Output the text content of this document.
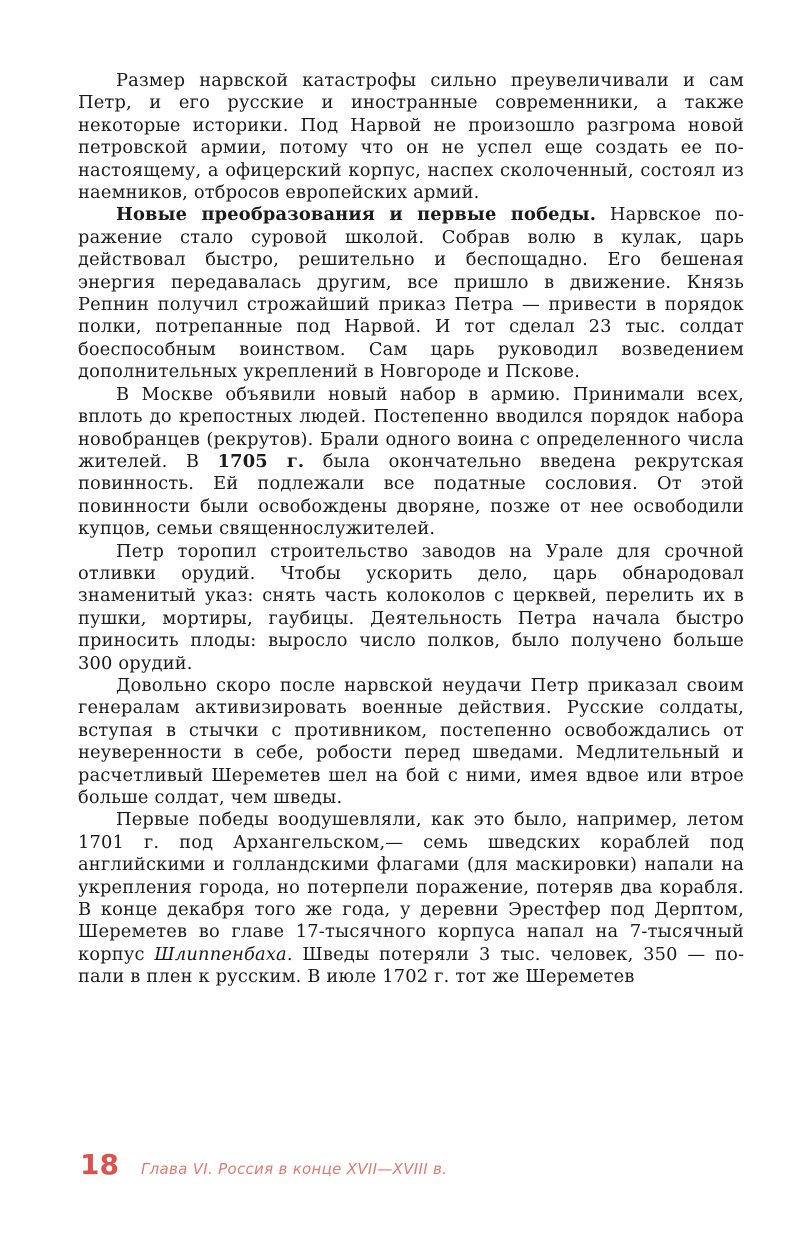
Размер нарвской катастрофы сильно преувеличивали и сам Петр, и его русские и иностранные современники, а также некоторые историки. Под Нарвой не произошло разгрома новой петровской армии, потому что он не успел еще создать ее по-настоящему, а офицерский корпус, наспех сколоченный, состоял из наемников, отбросов европейских армий.

Новые преобразования и первые победы. Нарвское поражение стало суровой школой. Собрав волю в кулак, царь действовал быстро, решительно и беспощадно. Его бешеная энергия передавалась другим, все пришло в движение. Князь Репнин получил строжайший приказ Петра — привести в порядок полки, потрепанные под Нарвой. И тот сделал 23 тыс. солдат боеспособным воинством. Сам царь руководил возведением дополнительных укреплений в Новгороде и Пскове.

В Москве объявили новый набор в армию. Принимали всех, вплоть до крепостных людей. Постепенно вводился порядок набора новобранцев (рекрутов). Брали одного воина с определенного числа жителей. В 1705 г. была окончательно введена рекрутская повинность. Ей подлежали все податные сословия. От этой повинности были освобождены дворяне, позже от нее освободили купцов, семьи священнослужителей.

Петр торопил строительство заводов на Урале для срочной отливки орудий. Чтобы ускорить дело, царь обнародовал знаменитый указ: снять часть колоколов с церквей, перелить их в пушки, мортиры, гаубицы. Деятельность Петра начала быстро приносить плоды: выросло число полков, было получено больше 300 орудий.

Довольно скоро после нарвской неудачи Петр приказал своим генералам активизировать военные действия. Русские солдаты, вступая в стычки с противником, постепенно освобождались от неуверенности в себе, робости перед шведами. Медлительный и расчетливый Шереметев шел на бой с ними, имея вдвое или втрое больше солдат, чем шведы.

Первые победы воодушевляли, как это было, например, летом 1701 г. под Архангельском,— семь шведских кораблей под английскими и голландскими флагами (для маскировки) напали на укрепления города, но потерпели поражение, потеряв два корабля. В конце декабря того же года, у деревни Эрестфер под Дерптом, Шереметев во главе 17-тысячного корпуса напал на 7-тысячный корпус Шлиппенбаха. Шведы потеряли 3 тыс. человек, 350 — попали в плен к русским. В июле 1702 г. тот же Шереметев

18 Глава VI. Россия в конце XVII—XVIII в.
